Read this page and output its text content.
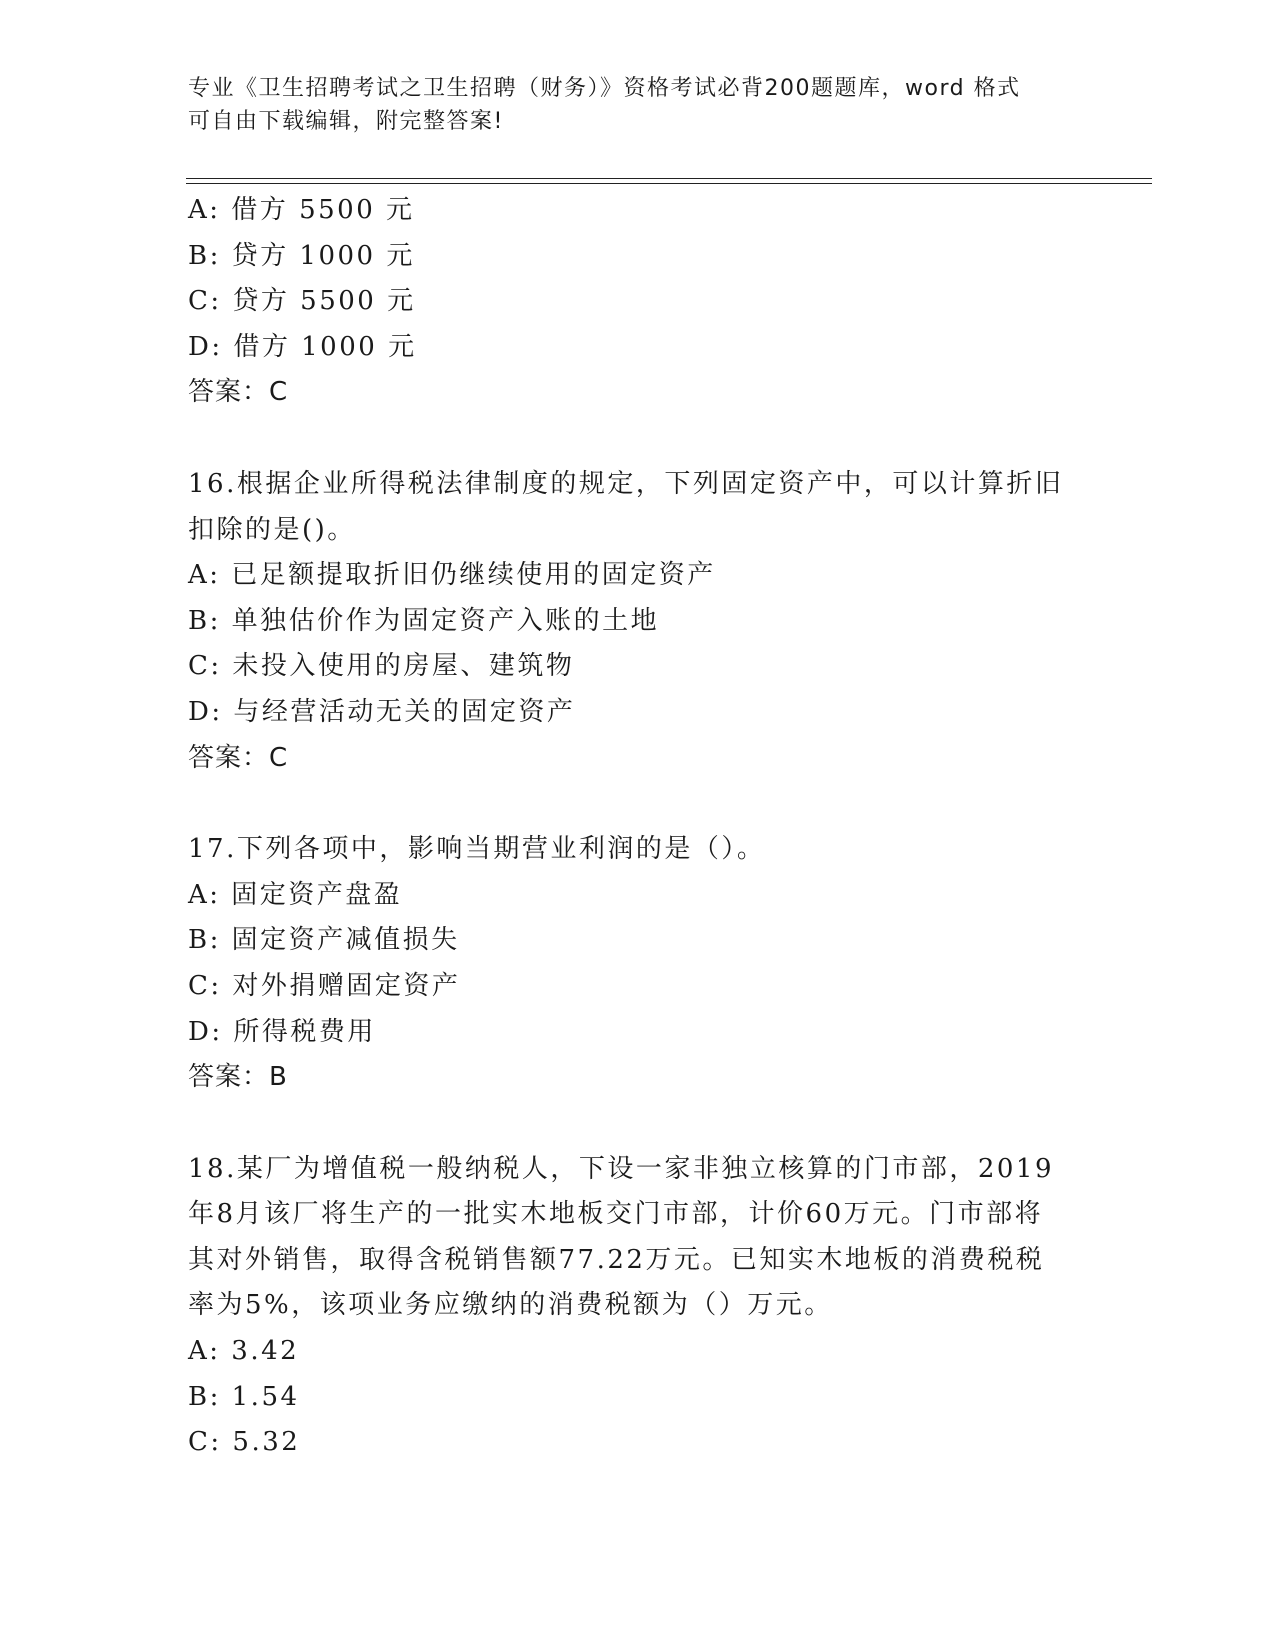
专业《卫生招聘考试之卫生招聘（财务）》资格考试必背200题题库，word 格式
可自由下载编辑，附完整答案!
A: 借方 5500 元
B: 贷方 1000 元
C: 贷方 5500 元
D: 借方 1000 元
答案：C
16.根据企业所得税法律制度的规定，下列固定资产中，可以计算折旧
扣除的是()。
A: 已足额提取折旧仍继续使用的固定资产
B: 单独估价作为固定资产入账的土地
C: 未投入使用的房屋、建筑物
D: 与经营活动无关的固定资产
答案：C
17.下列各项中，影响当期营业利润的是（）。
A: 固定资产盘盈
B: 固定资产减值损失
C: 对外捐赠固定资产
D: 所得税费用
答案：B
18.某厂为增值税一般纳税人，下设一家非独立核算的门市部，2019
年8月该厂将生产的一批实木地板交门市部，计价60万元。门市部将
其对外销售，取得含税销售额77.22万元。已知实木地板的消费税税
率为5%，该项业务应缴纳的消费税额为（）万元。
A: 3.42
B: 1.54
C: 5.32
